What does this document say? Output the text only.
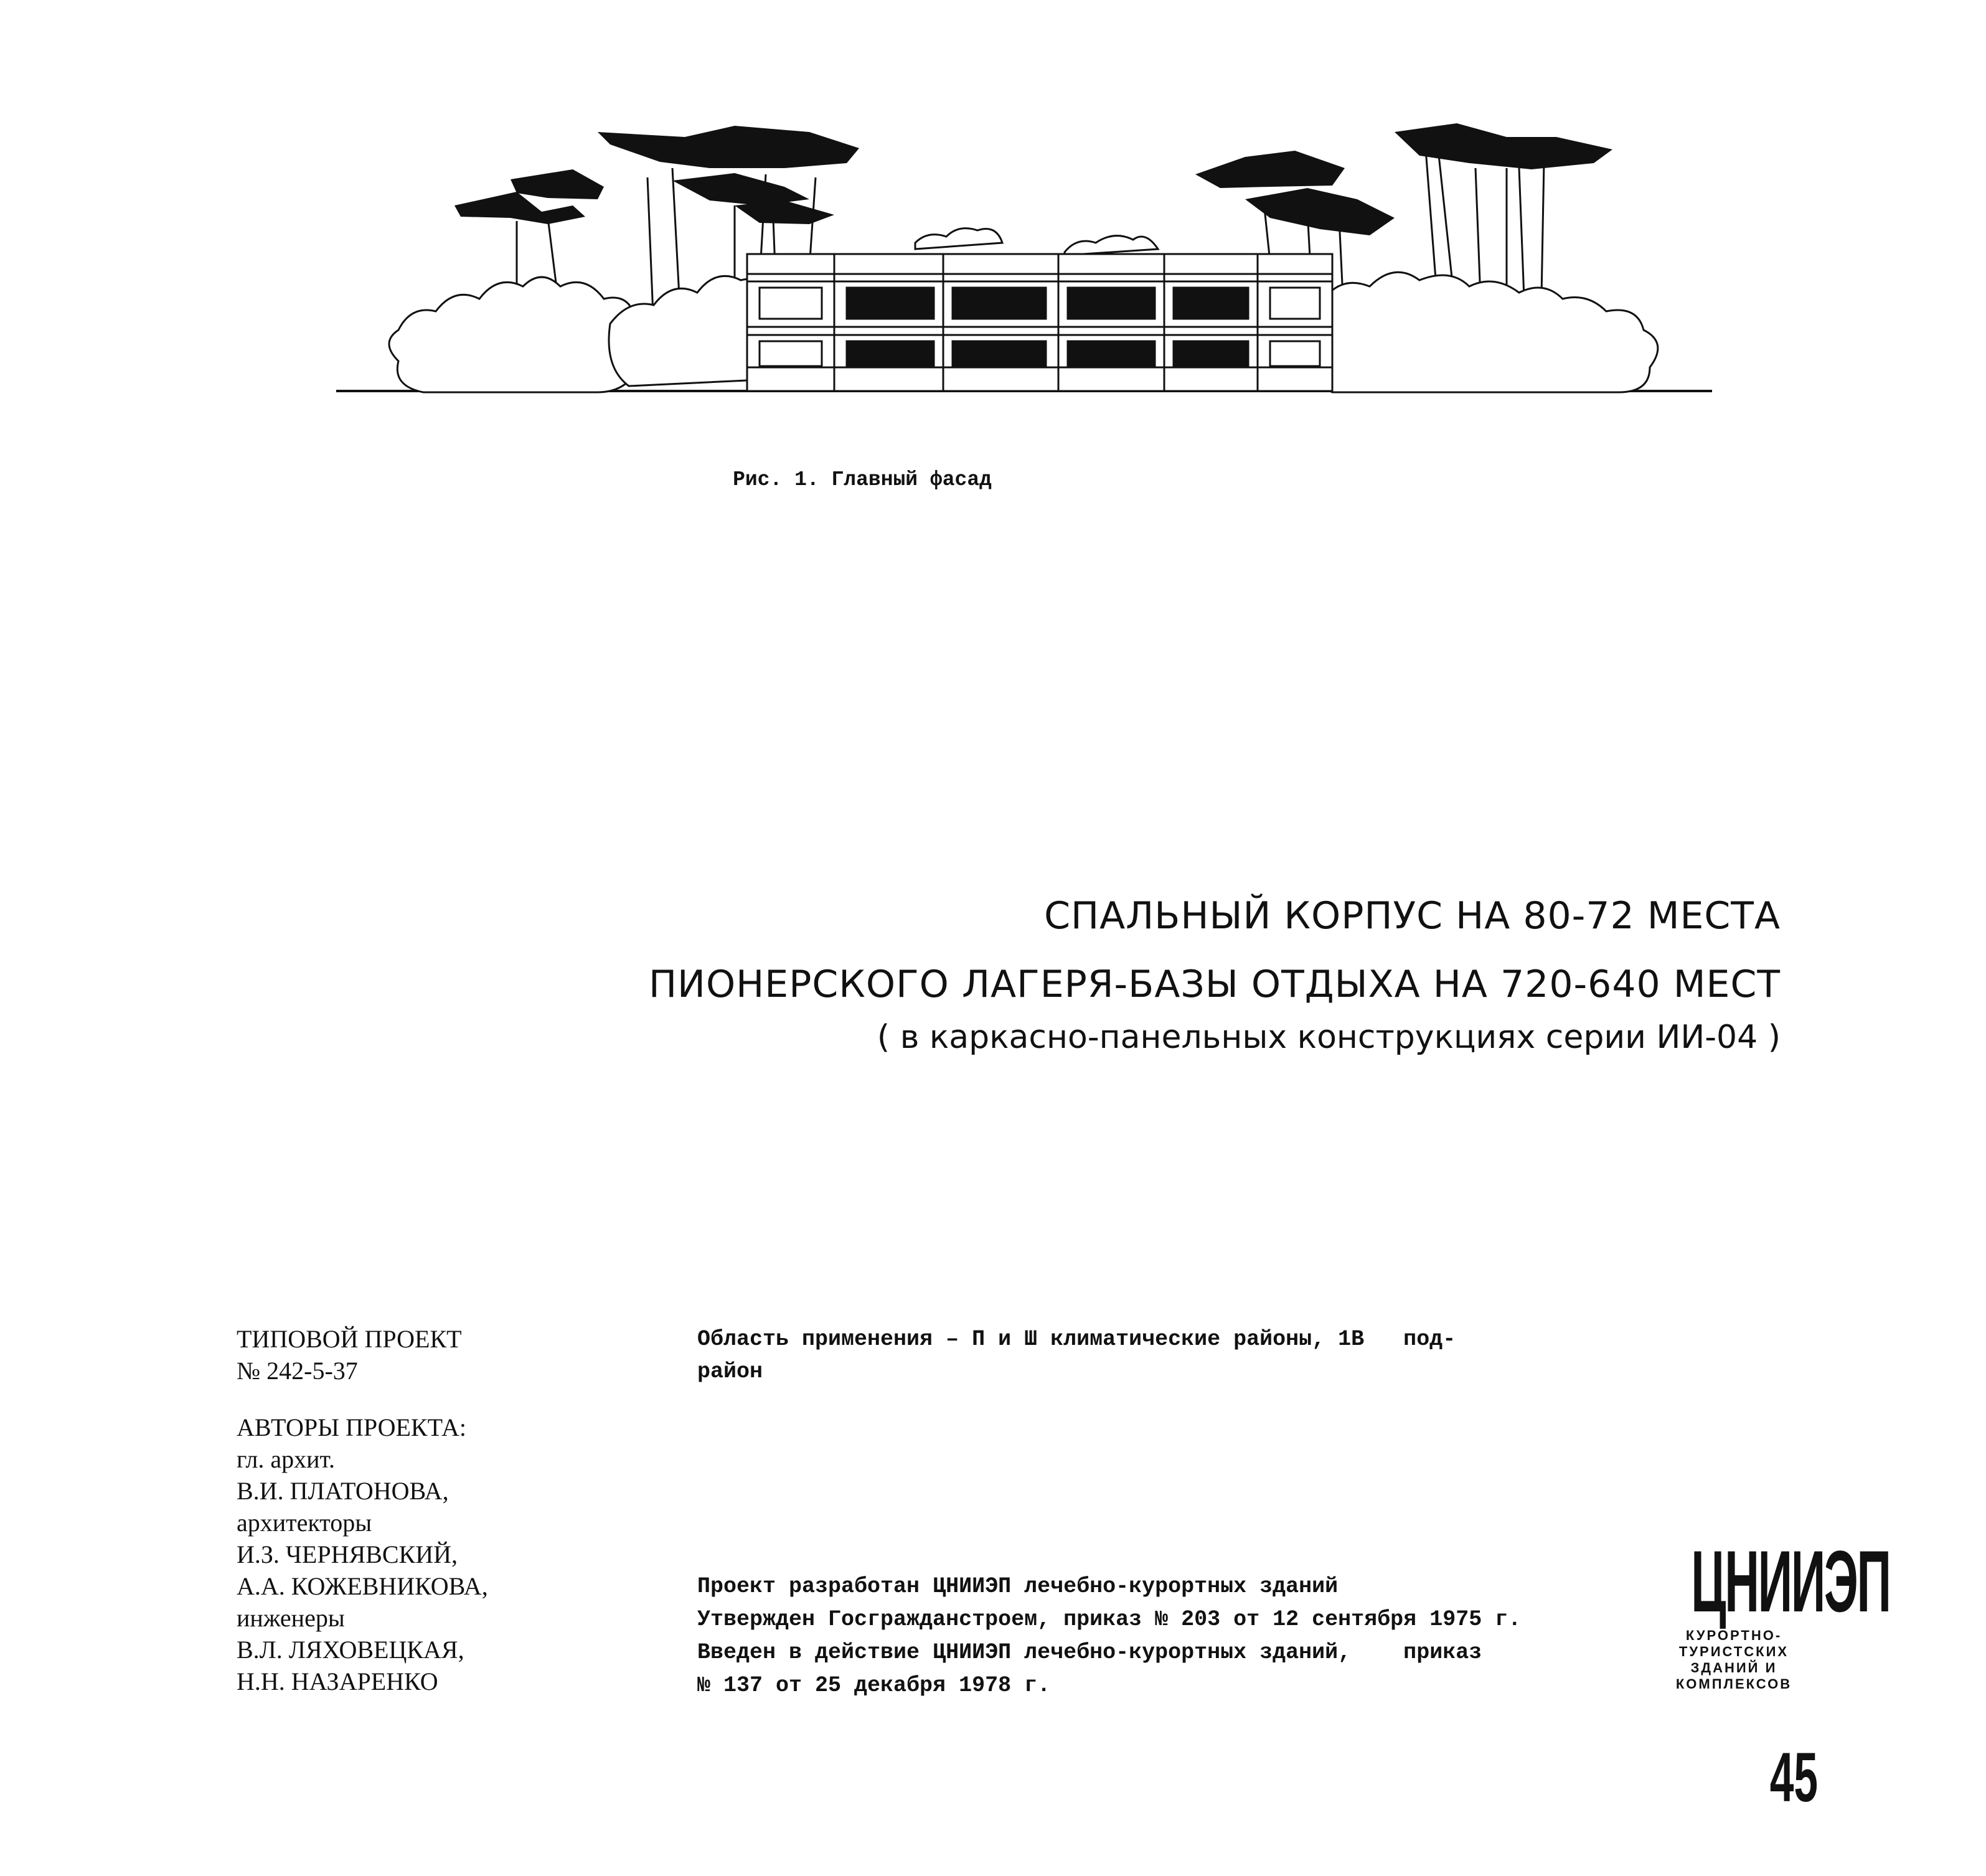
Рис. 1. Главный фасад
СПАЛЬНЫЙ КОРПУС НА 80-72 МЕСТА
ПИОНЕРСКОГО ЛАГЕРЯ-БАЗЫ ОТДЫХА НА 720-640 МЕСТ
( в каркасно-панельных конструкциях серии ИИ-04 )
ТИПОВОЙ ПРОЕКТ
№ 242-5-37
АВТОРЫ ПРОЕКТА:
гл. архит.
В.И. ПЛАТОНОВА,
архитекторы
И.З. ЧЕРНЯВСКИЙ,
А.А. КОЖЕВНИКОВА,
инженеры
В.Л. ЛЯХОВЕЦКАЯ,
Н.Н. НАЗАРЕНКО
Область применения – П и Ш климатические районы, 1В   под-
район
Проект разработан ЦНИИЭП лечебно-курортных зданий
Утвержден Госгражданстроем, приказ № 203 от 12 сентября 1975 г.
Введен в действие ЦНИИЭП лечебно-курортных зданий,    приказ
№ 137 от 25 декабря 1978 г.
ЦНИИЭП
КУРОРТНО-
ТУРИСТСКИХ
ЗДАНИЙ И
КОМПЛЕКСОВ
45
